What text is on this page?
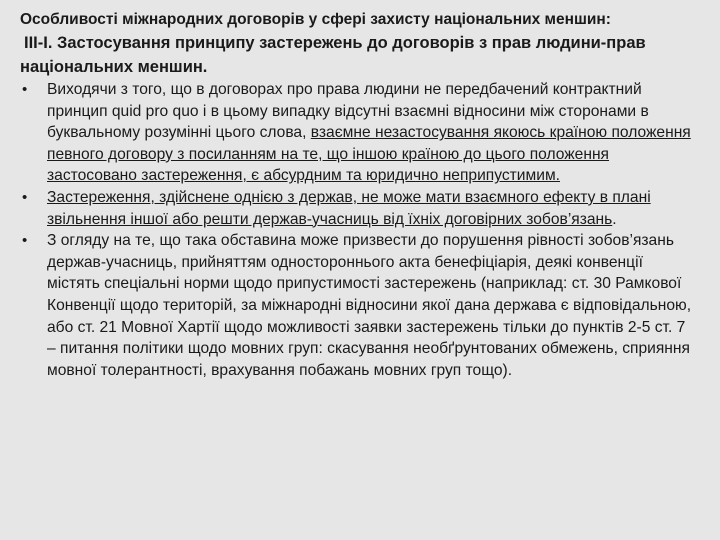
Особливості міжнародних договорів у сфері захисту національних меншин:

ІІІ-І. Застосування принципу застережень до договорів з прав людини-прав

національних меншин.

• Виходячи з того, що в договорах про права людини не передбачений контрактний принцип quid pro quo і в цьому випадку відсутні взаємні відносини між сторонами в буквальному розумінні цього слова, взаємне незастосування якоюсь країною положення певного договору з посиланням на те, що іншою країною до цього положення застосовано застереження, є абсурдним та юридично неприпустимим.
• Застереження, здійснене однією з держав, не може мати взаємного ефекту в плані звільнення іншої або решти держав-учасниць від їхніх договірних зобов’язань.
• З огляду на те, що така обставина може призвести до порушення рівності зобов’язань держав-учасниць, прийняттям одностороннього акта бенефіціарія, деякі конвенції містять спеціальні норми щодо припустимості застережень (наприклад: ст. 30 Рамкової Конвенції щодо територій, за міжнародні відносини якої дана держава є відповідальною, або ст. 21 Мовної Хартії щодо можливості заявки застережень тільки до пунктів 2-5 ст. 7 – питання політики щодо мовних груп: скасування необґрунтованих обмежень, сприяння мовної толерантності, врахування побажань мовних груп тощо).
